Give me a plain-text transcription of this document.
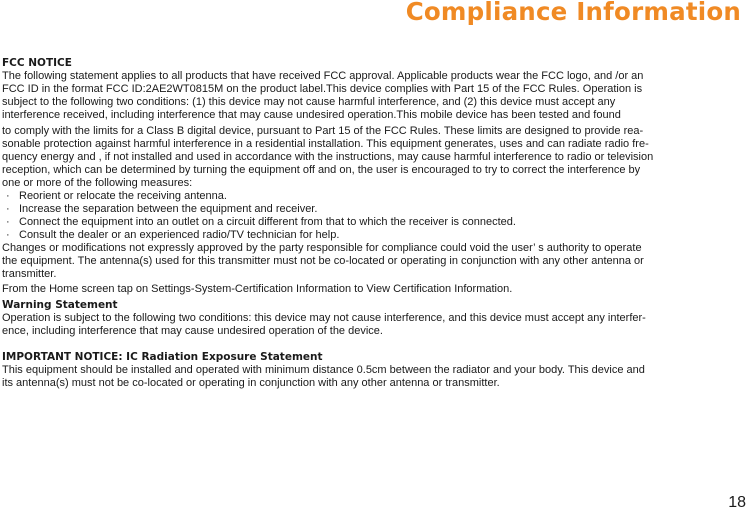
Compliance Information
FCC NOTICE
The following statement applies to all products that have received FCC approval. Applicable products wear the FCC logo, and /or an
FCC ID in the format FCC ID:2AE2WT0815M on the product label.This device complies with Part 15 of the FCC Rules. Operation is
subject to the following two conditions: (1) this device may not cause harmful interference, and (2) this device must accept any
interference received, including interference that may cause undesired operation.This mobile device has been tested and found
to comply with the limits for a Class B digital device, pursuant to Part 15 of the FCC Rules. These limits are designed to provide rea-
sonable protection against harmful interference in a residential installation. This equipment generates, uses and can radiate radio fre-
quency energy and , if not installed and used in accordance with the instructions, may cause harmful interference to radio or television
reception, which can be determined by turning the equipment off and on, the user is encouraged to try to correct the interference by
one or more of the following measures:
· Reorient or relocate the receiving antenna.
· Increase the separation between the equipment and receiver.
· Connect the equipment into an outlet on a circuit different from that to which the receiver is connected.
· Consult the dealer or an experienced radio/TV technician for help.
Changes or modifications not expressly approved by the party responsible for compliance could void the user’ s authority to operate
the equipment. The antenna(s) used for this transmitter must not be co-located or operating in conjunction with any other antenna or
transmitter.
From the Home screen tap on Settings-System-Certification Information to View Certification Information.
Warning Statement
Operation is subject to the following two conditions: this device may not cause interference, and this device must accept any interfer-
ence, including interference that may cause undesired operation of the device.
IMPORTANT NOTICE: IC Radiation Exposure Statement
This equipment should be installed and operated with minimum distance 0.5cm between the radiator and your body. This device and
its antenna(s) must not be co-located or operating in conjunction with any other antenna or transmitter.
18
